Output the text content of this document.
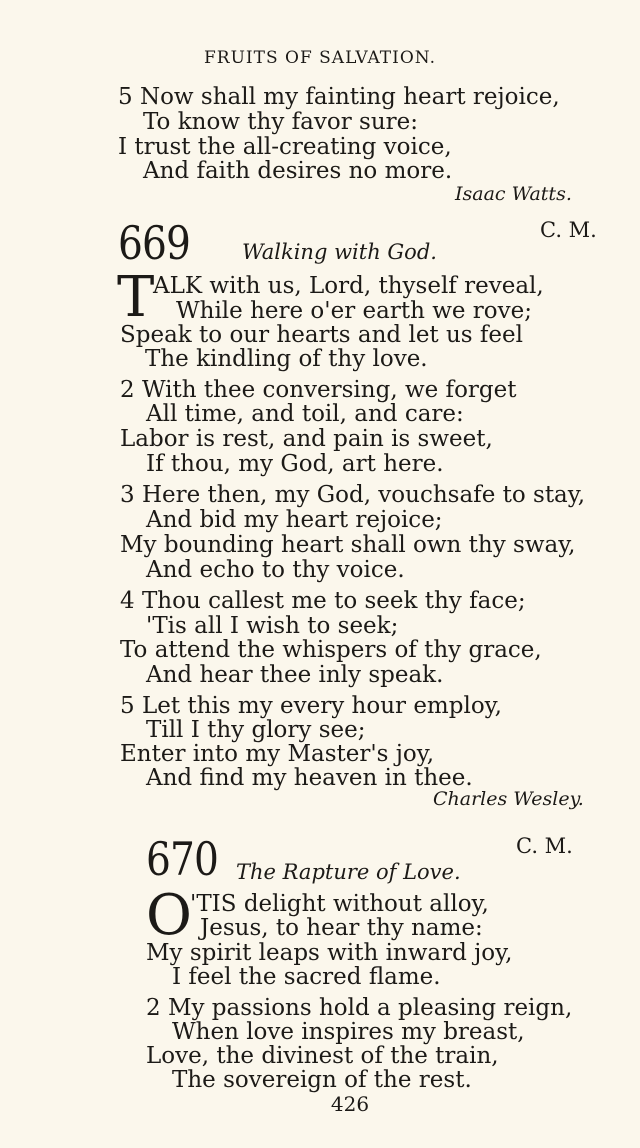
FRUITS OF SALVATION.
5 Now shall my fainting heart rejoice,
To know thy favor sure:
I trust the all-creating voice,
And faith desires no more.
Isaac Watts.
669 Walking with God.
C. M.
T
ALK with us, Lord, thyself reveal,
While here o'er earth we rove;
Speak to our hearts and let us feel
The kindling of thy love.
2 With thee conversing, we forget
All time, and toil, and care:
Labor is rest, and pain is sweet,
If thou, my God, art here.
3 Here then, my God, vouchsafe to stay,
And bid my heart rejoice;
My bounding heart shall own thy sway,
And echo to thy voice.
4 Thou callest me to seek thy face;
'Tis all I wish to seek;
To attend the whispers of thy grace,
And hear thee inly speak.
5 Let this my every hour employ,
Till I thy glory see;
Enter into my Master's joy,
And find my heaven in thee.
Charles Wesley.
670 The Rapture of Love.
C. M.
O
'TIS delight without alloy,
Jesus, to hear thy name:
My spirit leaps with inward joy,
I feel the sacred flame.
2 My passions hold a pleasing reign,
When love inspires my breast,
Love, the divinest of the train,
The sovereign of the rest.
426
